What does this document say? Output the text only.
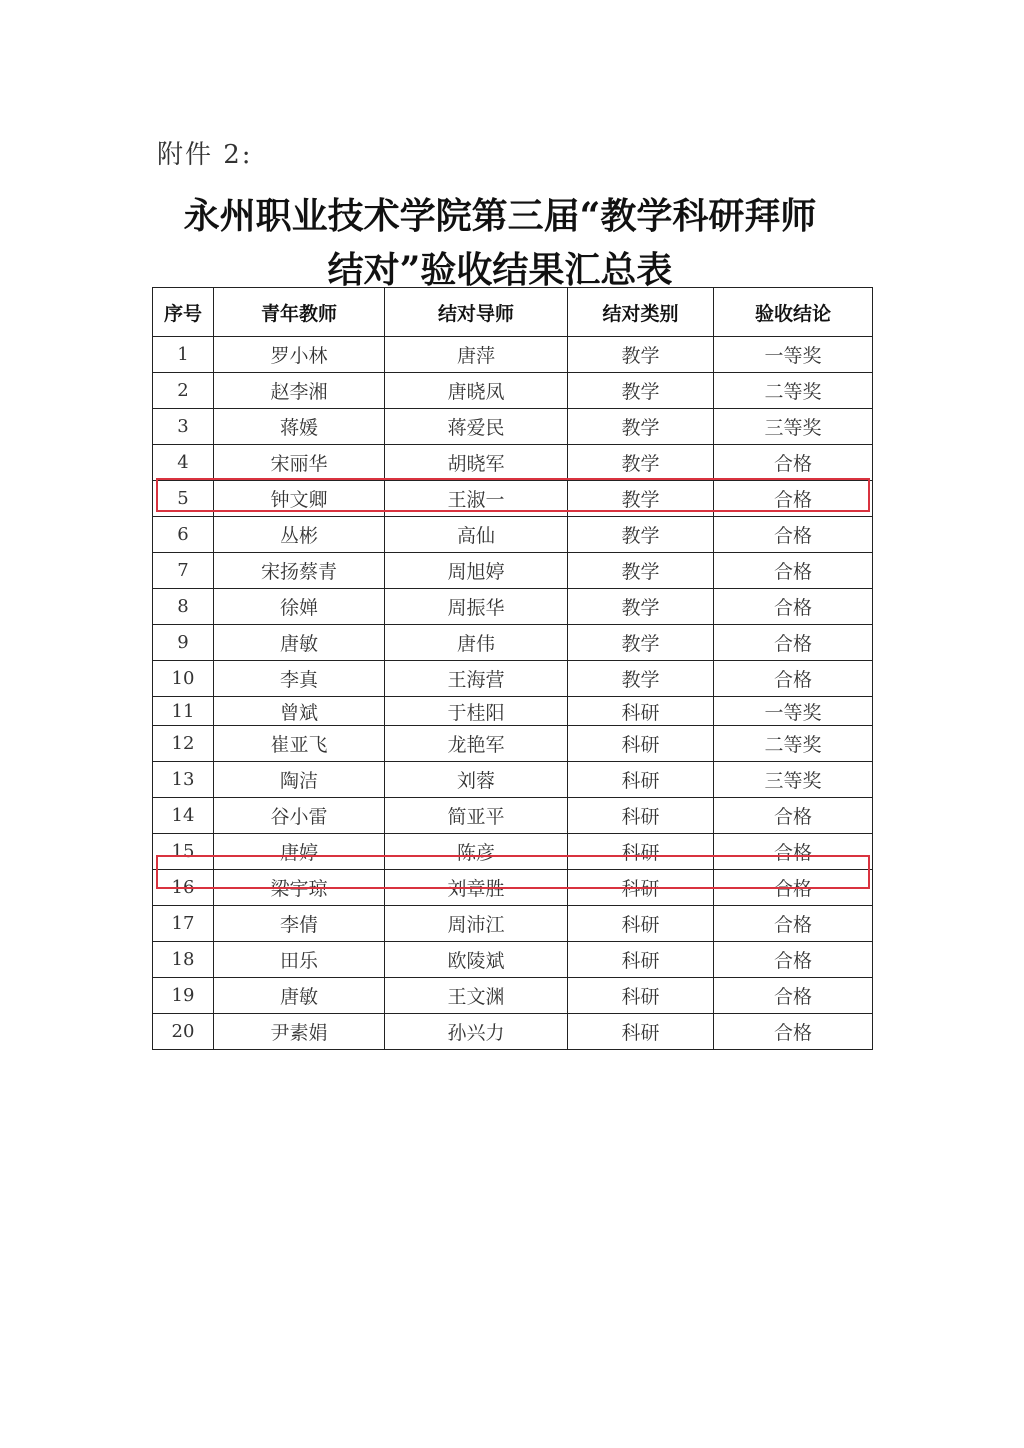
附件 2:
永州职业技术学院第三届“教学科研拜师
结对”验收结果汇总表
序号	青年教师	结对导师	结对类别	验收结论
1	罗小林	唐萍	教学	一等奖
2	赵李湘	唐晓凤	教学	二等奖
3	蒋媛	蒋爱民	教学	三等奖
4	宋丽华	胡晓军	教学	合格
5	钟文卿	王淑一	教学	合格
6	丛彬	高仙	教学	合格
7	宋扬蔡青	周旭婷	教学	合格
8	徐婵	周振华	教学	合格
9	唐敏	唐伟	教学	合格
10	李真	王海营	教学	合格
11	曾斌	于桂阳	科研	一等奖
12	崔亚飞	龙艳军	科研	二等奖
13	陶洁	刘蓉	科研	三等奖
14	谷小雷	简亚平	科研	合格
15	唐婷	陈彦	科研	合格
16	梁宇琼	刘章胜	科研	合格
17	李倩	周沛江	科研	合格
18	田乐	欧陵斌	科研	合格
19	唐敏	王文渊	科研	合格
20	尹素娟	孙兴力	科研	合格
